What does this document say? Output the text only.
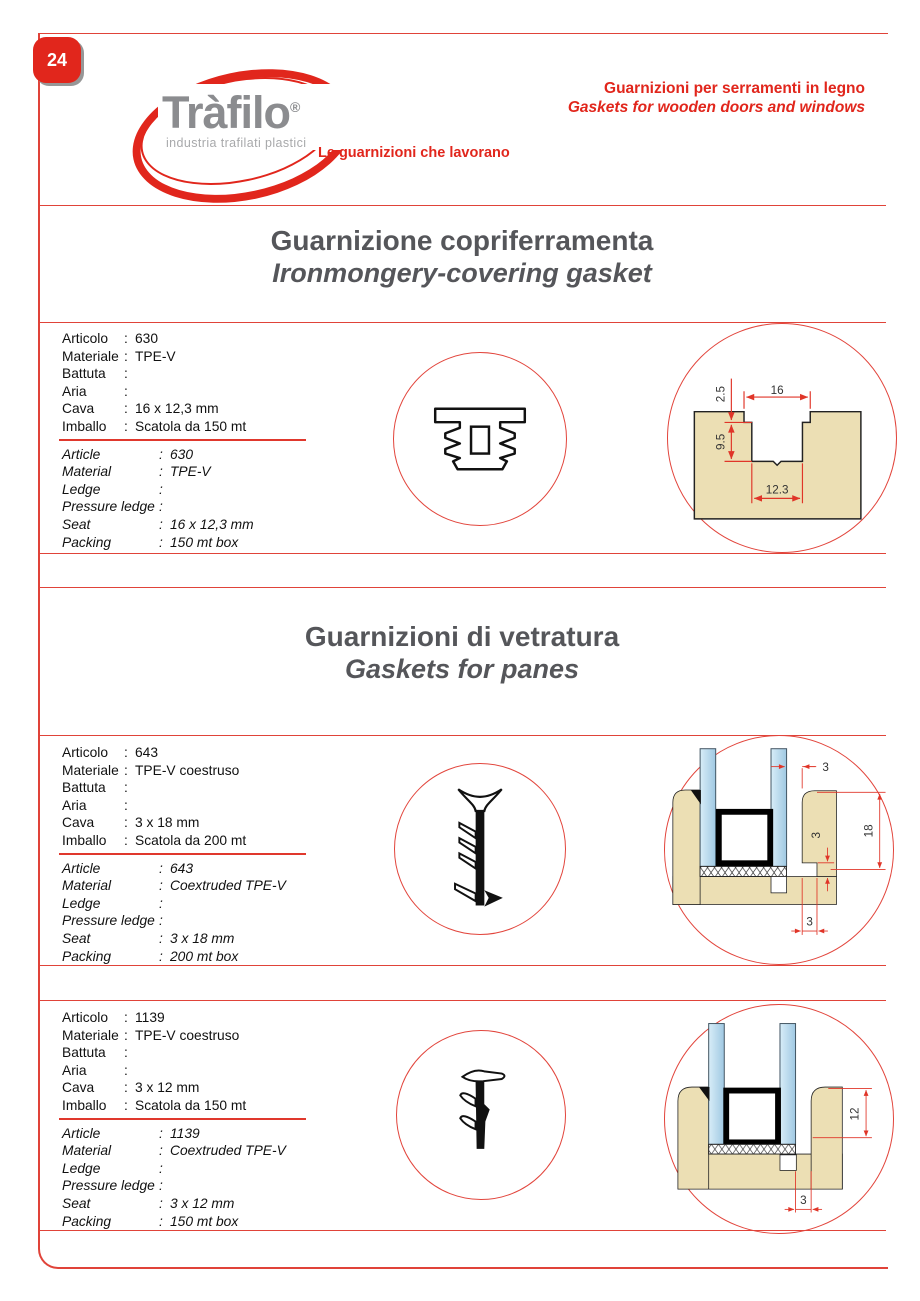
24
Tràfilo®
industria trafilati plastici
Le guarnizioni che lavorano
Guarnizioni per serramenti in legno
Gaskets for wooden doors and windows
Guarnizione copriferramenta
Ironmongery-covering gasket
Articolo : 630
Materiale : TPE-V
Battuta :
Aria	:
Cava : 16 x 12,3 mm
Imballo : Scatola da 150 mt
Article	: 630
Material	: TPE-V
Ledge	:
Pressure ledge :
Seat	: 16 x 12,3 mm
Packing	: 150 mt box
16
2.5
9.5
12.3
Guarnizioni di vetratura
Gaskets for panes
Articolo : 643
Materiale : TPE-V coestruso
Battuta :
Aria	:
Cava : 3 x 18 mm
Imballo : Scatola da 200 mt
Article	: 643
Material	: Coextruded TPE-V
Ledge	:
Pressure ledge :
Seat	: 3 x 18 mm
Packing	: 200 mt box
3
18
3
3
Articolo : 1139
Materiale : TPE-V coestruso
Battuta :
Aria	:
Cava : 3 x 12 mm
Imballo : Scatola da 150 mt
Article	: 1139
Material	: Coextruded TPE-V
Ledge	:
Pressure ledge :
Seat	: 3 x 12 mm
Packing	: 150 mt box
12
3
